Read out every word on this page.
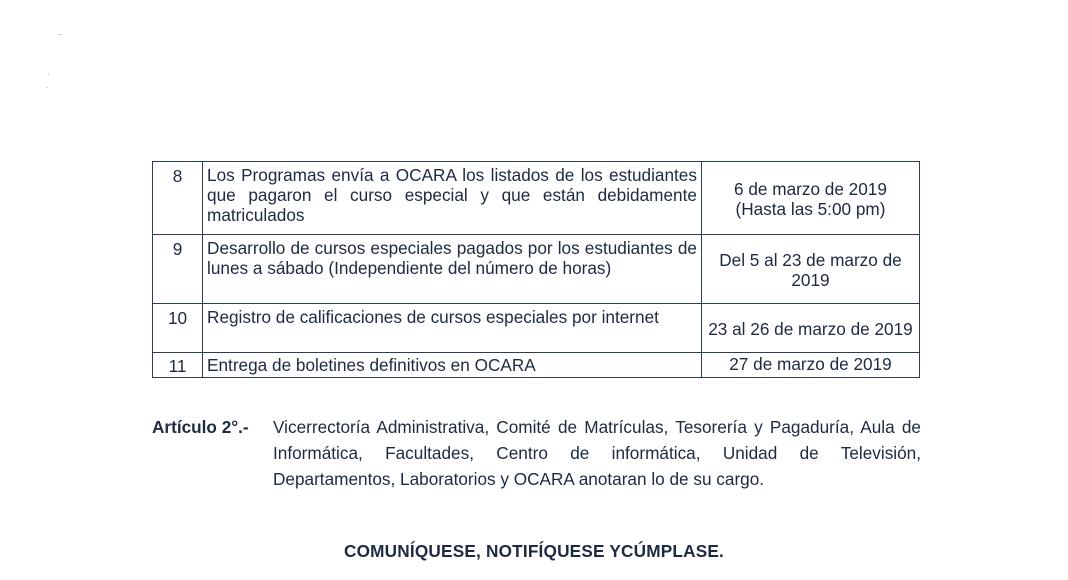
8	Los Programas envía a OCARA los listados de los estudiantes que pagaron el curso especial y que están debidamente matriculados	6 de marzo de 2019 (Hasta las 5:00 pm)
9	Desarrollo de cursos especiales pagados por los estudiantes de lunes a sábado (Independiente del número de horas)	Del 5 al 23 de marzo de 2019
10	Registro de calificaciones de cursos especiales por internet	23 al 26 de marzo de 2019
11	Entrega de boletines definitivos en OCARA	27 de marzo de 2019
Artículo 2°.- Vicerrectoría Administrativa, Comité de Matrículas, Tesorería y Pagaduría, Aula de Informática, Facultades, Centro de informática, Unidad de Televisión, Departamentos, Laboratorios y OCARA anotaran lo de su cargo.
COMUNÍQUESE, NOTIFÍQUESE YCÚMPLASE.
